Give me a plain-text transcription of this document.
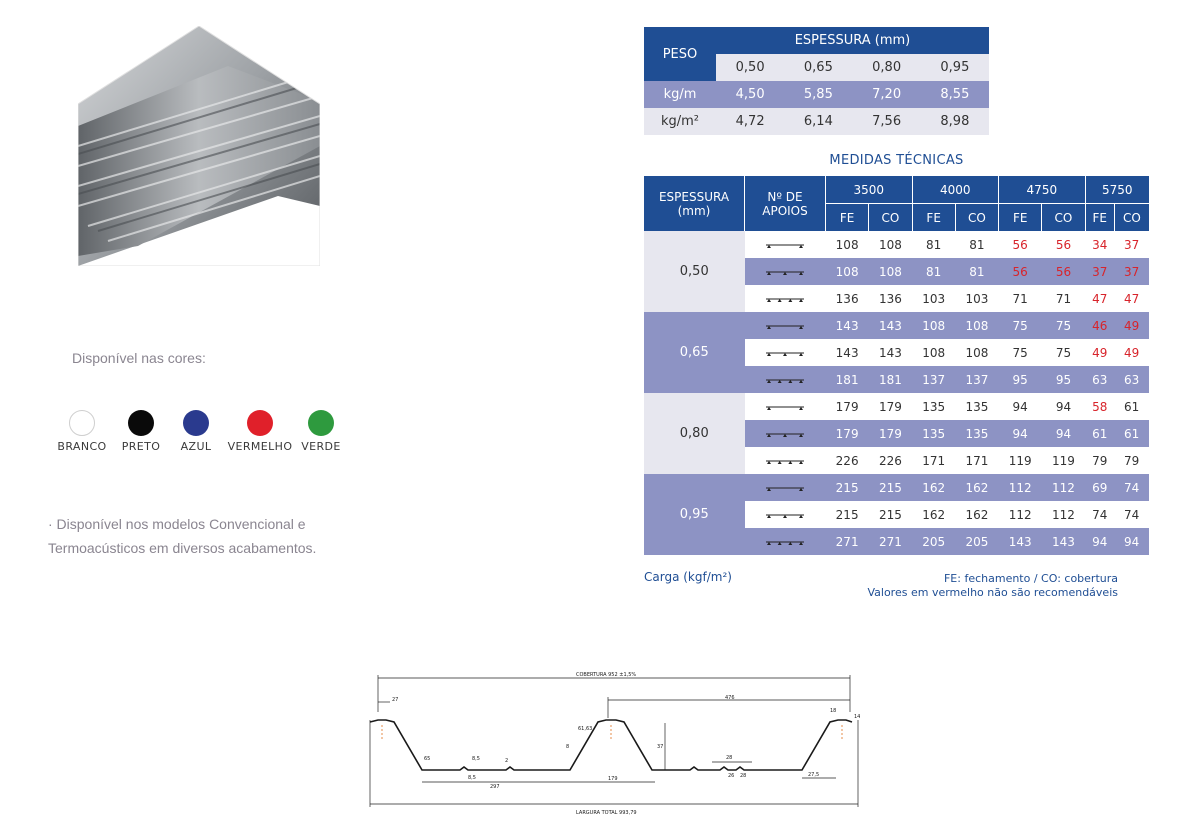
Disponível nas cores:
BRANCO PRETO AZUL VERMELHO VERDE
· Disponível nos modelos Convencional e Termoacústicos em diversos acabamentos.
PESO	ESPESSURA (mm)			
	0,50	0,65	0,80	0,95
kg/m	4,50	5,85	7,20	8,55
kg/m²	4,72	6,14	7,56	8,98
MEDIDAS TÉCNICAS
ESPESSURA (mm)	Nº DE APOIOS	3500		4000		4750		5750	
		FE	CO	FE	CO	FE	CO	FE	CO
0,50		108	108	81	81	56	56	34	37
	108	108	81	81	56	56	37	37
	136	136	103	103	71	71	47	47
0,65		143	143	108	108	75	75	46	49
	143	143	108	108	75	75	49	49
	181	181	137	137	95	95	63	63
0,80		179	179	135	135	94	94	58	61
	179	179	135	135	94	94	61	61
	226	226	171	171	119	119	79	79
0,95		215	215	162	162	112	112	69	74
	215	215	162	162	112	112	74	74
	271	271	205	205	143	143	94	94
Carga (kgf/m²)	FE: fechamento / CO: cobertura
Valores em vermelho não são recomendáveis
COBERTURA 952 ±1,5%
LARGURA TOTAL 993,79
27	476
297
179
37
28
26 28	27,5
2
65	8,5
8,5
61,63
18
14
8
